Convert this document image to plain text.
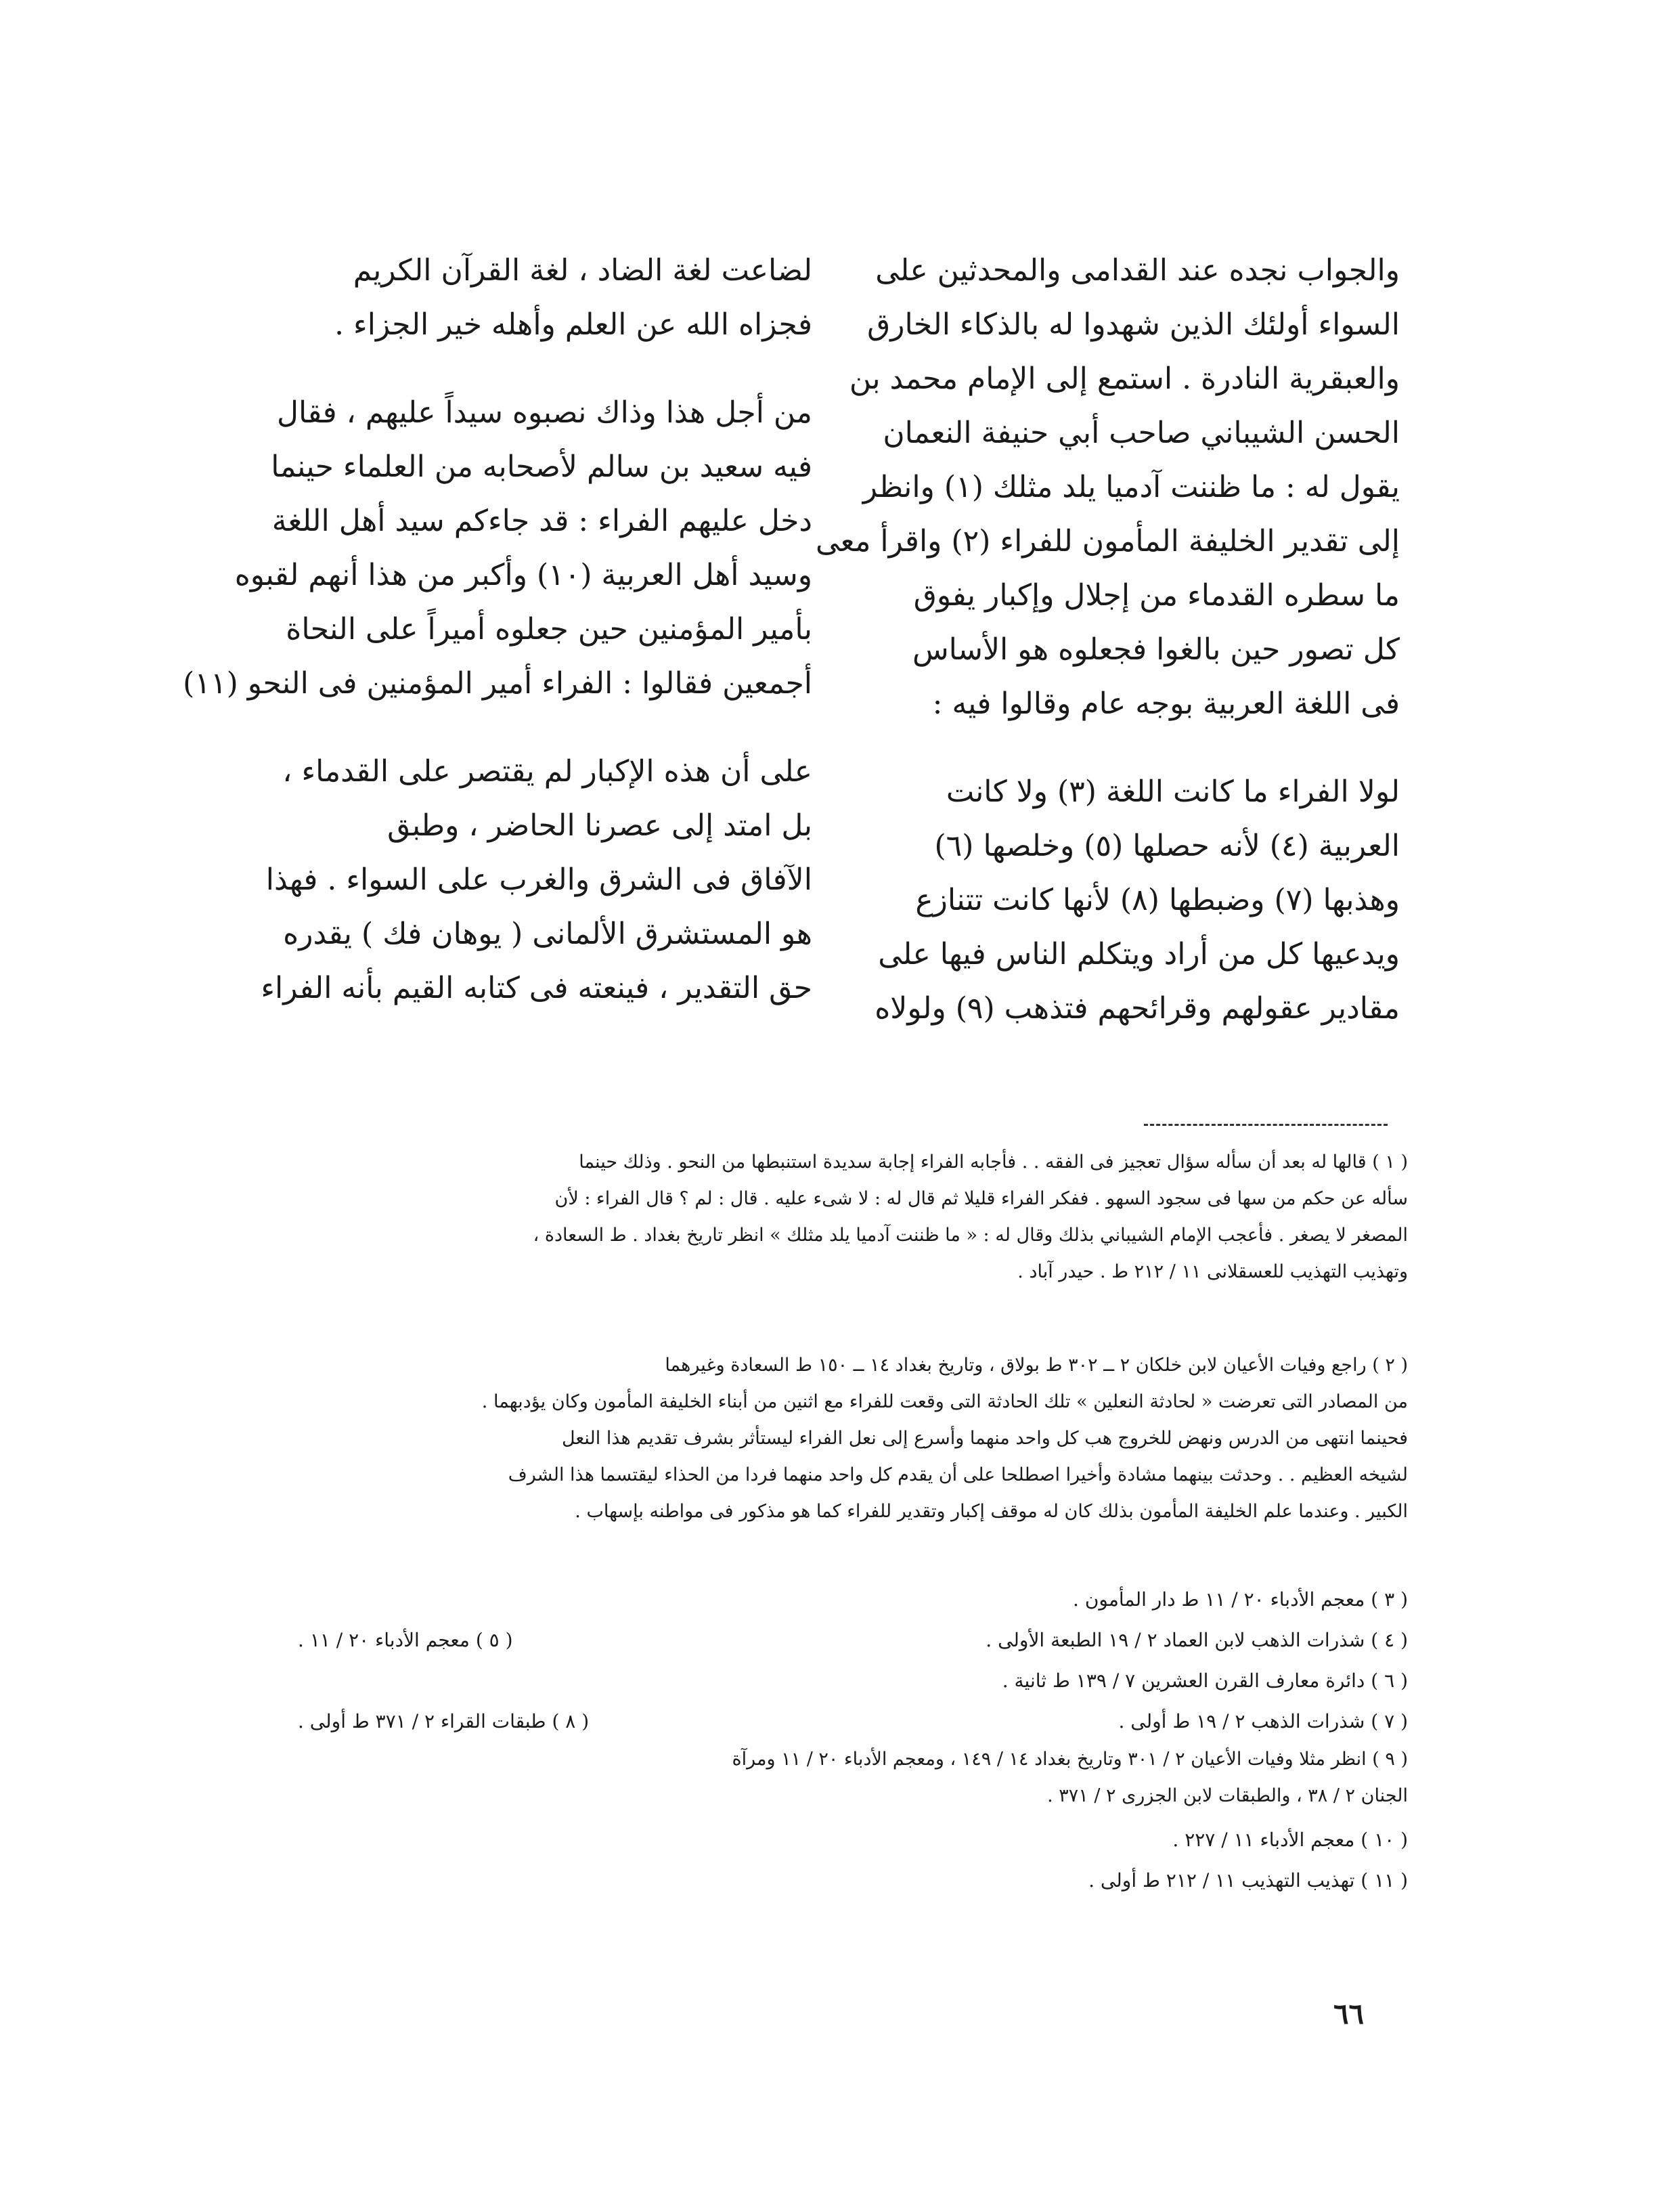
والجواب نجده عند القدامى والمحدثين على
السواء أولئك الذين شهدوا له بالذكاء الخارق
والعبقرية النادرة . استمع إلى الإمام محمد بن
الحسن الشيباني صاحب أبي حنيفة النعمان
يقول له : ما ظننت آدميا يلد مثلك (١) وانظر
إلى تقدير الخليفة المأمون للفراء (٢) واقرأ معى
ما سطره القدماء من إجلال وإكبار يفوق
كل تصور حين بالغوا فجعلوه هو الأساس
فى اللغة العربية بوجه عام وقالوا فيه :
لولا الفراء ما كانت اللغة (٣) ولا كانت
العربية (٤) لأنه حصلها (٥) وخلصها (٦)
وهذبها (٧) وضبطها (٨) لأنها كانت تتنازع
ويدعيها كل من أراد ويتكلم الناس فيها على
مقادير عقولهم وقرائحهم فتذهب (٩) ولولاه
لضاعت لغة الضاد ، لغة القرآن الكريم
فجزاه الله عن العلم وأهله خير الجزاء .
من أجل هذا وذاك نصبوه سيداً عليهم ، فقال
فيه سعيد بن سالم لأصحابه من العلماء حينما
دخل عليهم الفراء : قد جاءكم سيد أهل اللغة
وسيد أهل العربية (١٠) وأكبر من هذا أنهم لقبوه
بأمير المؤمنين حين جعلوه أميراً على النحاة
أجمعين فقالوا : الفراء أمير المؤمنين فى النحو (١١)
على أن هذه الإكبار لم يقتصر على القدماء ،
بل امتد إلى عصرنا الحاضر ، وطبق
الآفاق فى الشرق والغرب على السواء . فهذا
هو المستشرق الألمانى ( يوهان فك ) يقدره
حق التقدير ، فينعته فى كتابه القيم بأنه الفراء
( ١ ) قالها له بعد أن سأله سؤال تعجيز فى الفقه . . فأجابه الفراء إجابة سديدة استنبطها من النحو . وذلك حينما
سأله عن حكم من سها فى سجود السهو . ففكر الفراء قليلا ثم قال له : لا شىء عليه . قال : لم ؟ قال الفراء : لأن
المصغر لا يصغر . فأعجب الإمام الشيباني بذلك وقال له : « ما ظننت آدميا يلد مثلك » انظر تاريخ بغداد . ط السعادة ،
وتهذيب التهذيب للعسقلانى ١١ / ٢١٢ ط . حيدر آباد .
( ٢ ) راجع وفيات الأعيان لابن خلكان ٢ ــ ٣٠٢ ط بولاق ، وتاريخ بغداد ١٤ ــ ١٥٠ ط السعادة وغيرهما
من المصادر التى تعرضت « لحادثة النعلين » تلك الحادثة التى وقعت للفراء مع اثنين من أبناء الخليفة المأمون وكان يؤدبهما .
فحينما انتهى من الدرس ونهض للخروج هب كل واحد منهما وأسرع إلى نعل الفراء ليستأثر بشرف تقديم هذا النعل
لشيخه العظيم . . وحدثت بينهما مشادة وأخيرا اصطلحا على أن يقدم كل واحد منهما فردا من الحذاء ليقتسما هذا الشرف
الكبير . وعندما علم الخليفة المأمون بذلك كان له موقف إكبار وتقدير للفراء كما هو مذكور فى مواطنه بإسهاب .
( ٣ ) معجم الأدباء ٢٠ / ١١ ط دار المأمون .
( ٤ ) شذرات الذهب لابن العماد ٢ / ١٩ الطبعة الأولى .
( ٥ ) معجم الأدباء ٢٠ / ١١ .
( ٦ ) دائرة معارف القرن العشرين ٧ / ١٣٩ ط ثانية .
( ٧ ) شذرات الذهب ٢ / ١٩ ط أولى .
( ٨ ) طبقات القراء ٢ / ٣٧١ ط أولى .
( ٩ ) انظر مثلا وفيات الأعيان ٢ / ٣٠١ وتاريخ بغداد ١٤ / ١٤٩ ، ومعجم الأدباء ٢٠ / ١١ ومرآة
الجنان ٢ / ٣٨ ، والطبقات لابن الجزرى ٢ / ٣٧١ .
( ١٠ ) معجم الأدباء ١١ / ٢٢٧ .
( ١١ ) تهذيب التهذيب ١١ / ٢١٢ ط أولى .
٦٦
